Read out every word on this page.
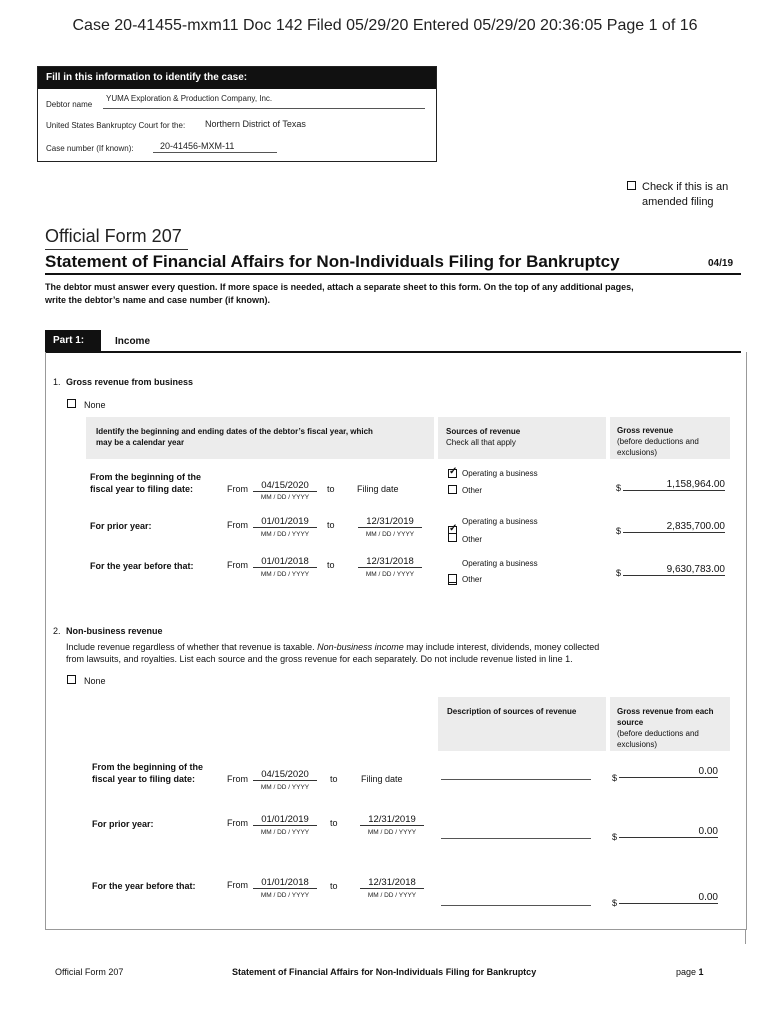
Case 20-41455-mxm11 Doc 142 Filed 05/29/20 Entered 05/29/20 20:36:05 Page 1 of 16
Fill in this information to identify the case:
Debtor name
YUMA Exploration & Production Company, Inc.
United States Bankruptcy Court for the: Northern District of Texas
Case number (If known):	20-41456-MXM-11
Check if this is an
amended filing
Official Form 207
Statement of Financial Affairs for Non-Individuals Filing for Bankruptcy	04/19
The debtor must answer every question. If more space is needed, attach a separate sheet to this form. On the top of any additional pages,
write the debtor’s name and case number (if known).
Part 1:	Income
1. Gross revenue from business
None
Identify the beginning and ending dates of the debtor’s fiscal year, which
may be a calendar year
Sources of revenue
Check all that apply
Gross revenue
(before deductions and
exclusions)
From the beginning of the
fiscal year to filing date:	From	04/15/2020
MM / DD / YYYY
to Filing date
✓
Operating a business
Other	$	1,158,964.00
For prior year:	From	01/01/2019
MM / DD / YYYY
to	12/31/2019
MM / DD / YYYY
✓
Operating a business
Other
$	2,835,700.00
For the year before that:	From	01/01/2018
MM / DD / YYYY
to	12/31/2018
MM / DD / YYYY
✓
Operating a business
Other
$	9,630,783.00
2. Non-business revenue
Include revenue regardless of whether that revenue is taxable. Non-business income may include interest, dividends, money collected
from lawsuits, and royalties. List each source and the gross revenue for each separately. Do not include revenue listed in line 1.
None
Description of sources of revenue	Gross revenue from each
source
(before deductions and
exclusions)
From the beginning of the
fiscal year to filing date:	From	04/15/2020
MM / DD / YYYY
to	Filing date	$
0.00
For prior year:	From	01/01/2019
MM / DD / YYYY
to	12/31/2019
MM / DD / YYYY	$	0.00
For the year before that:	From	01/01/2018
MM / DD / YYYY
to	12/31/2018
MM / DD / YYYY
$	0.00
Official Form 207	Statement of Financial Affairs for Non-Individuals Filing for Bankruptcy	page 1
